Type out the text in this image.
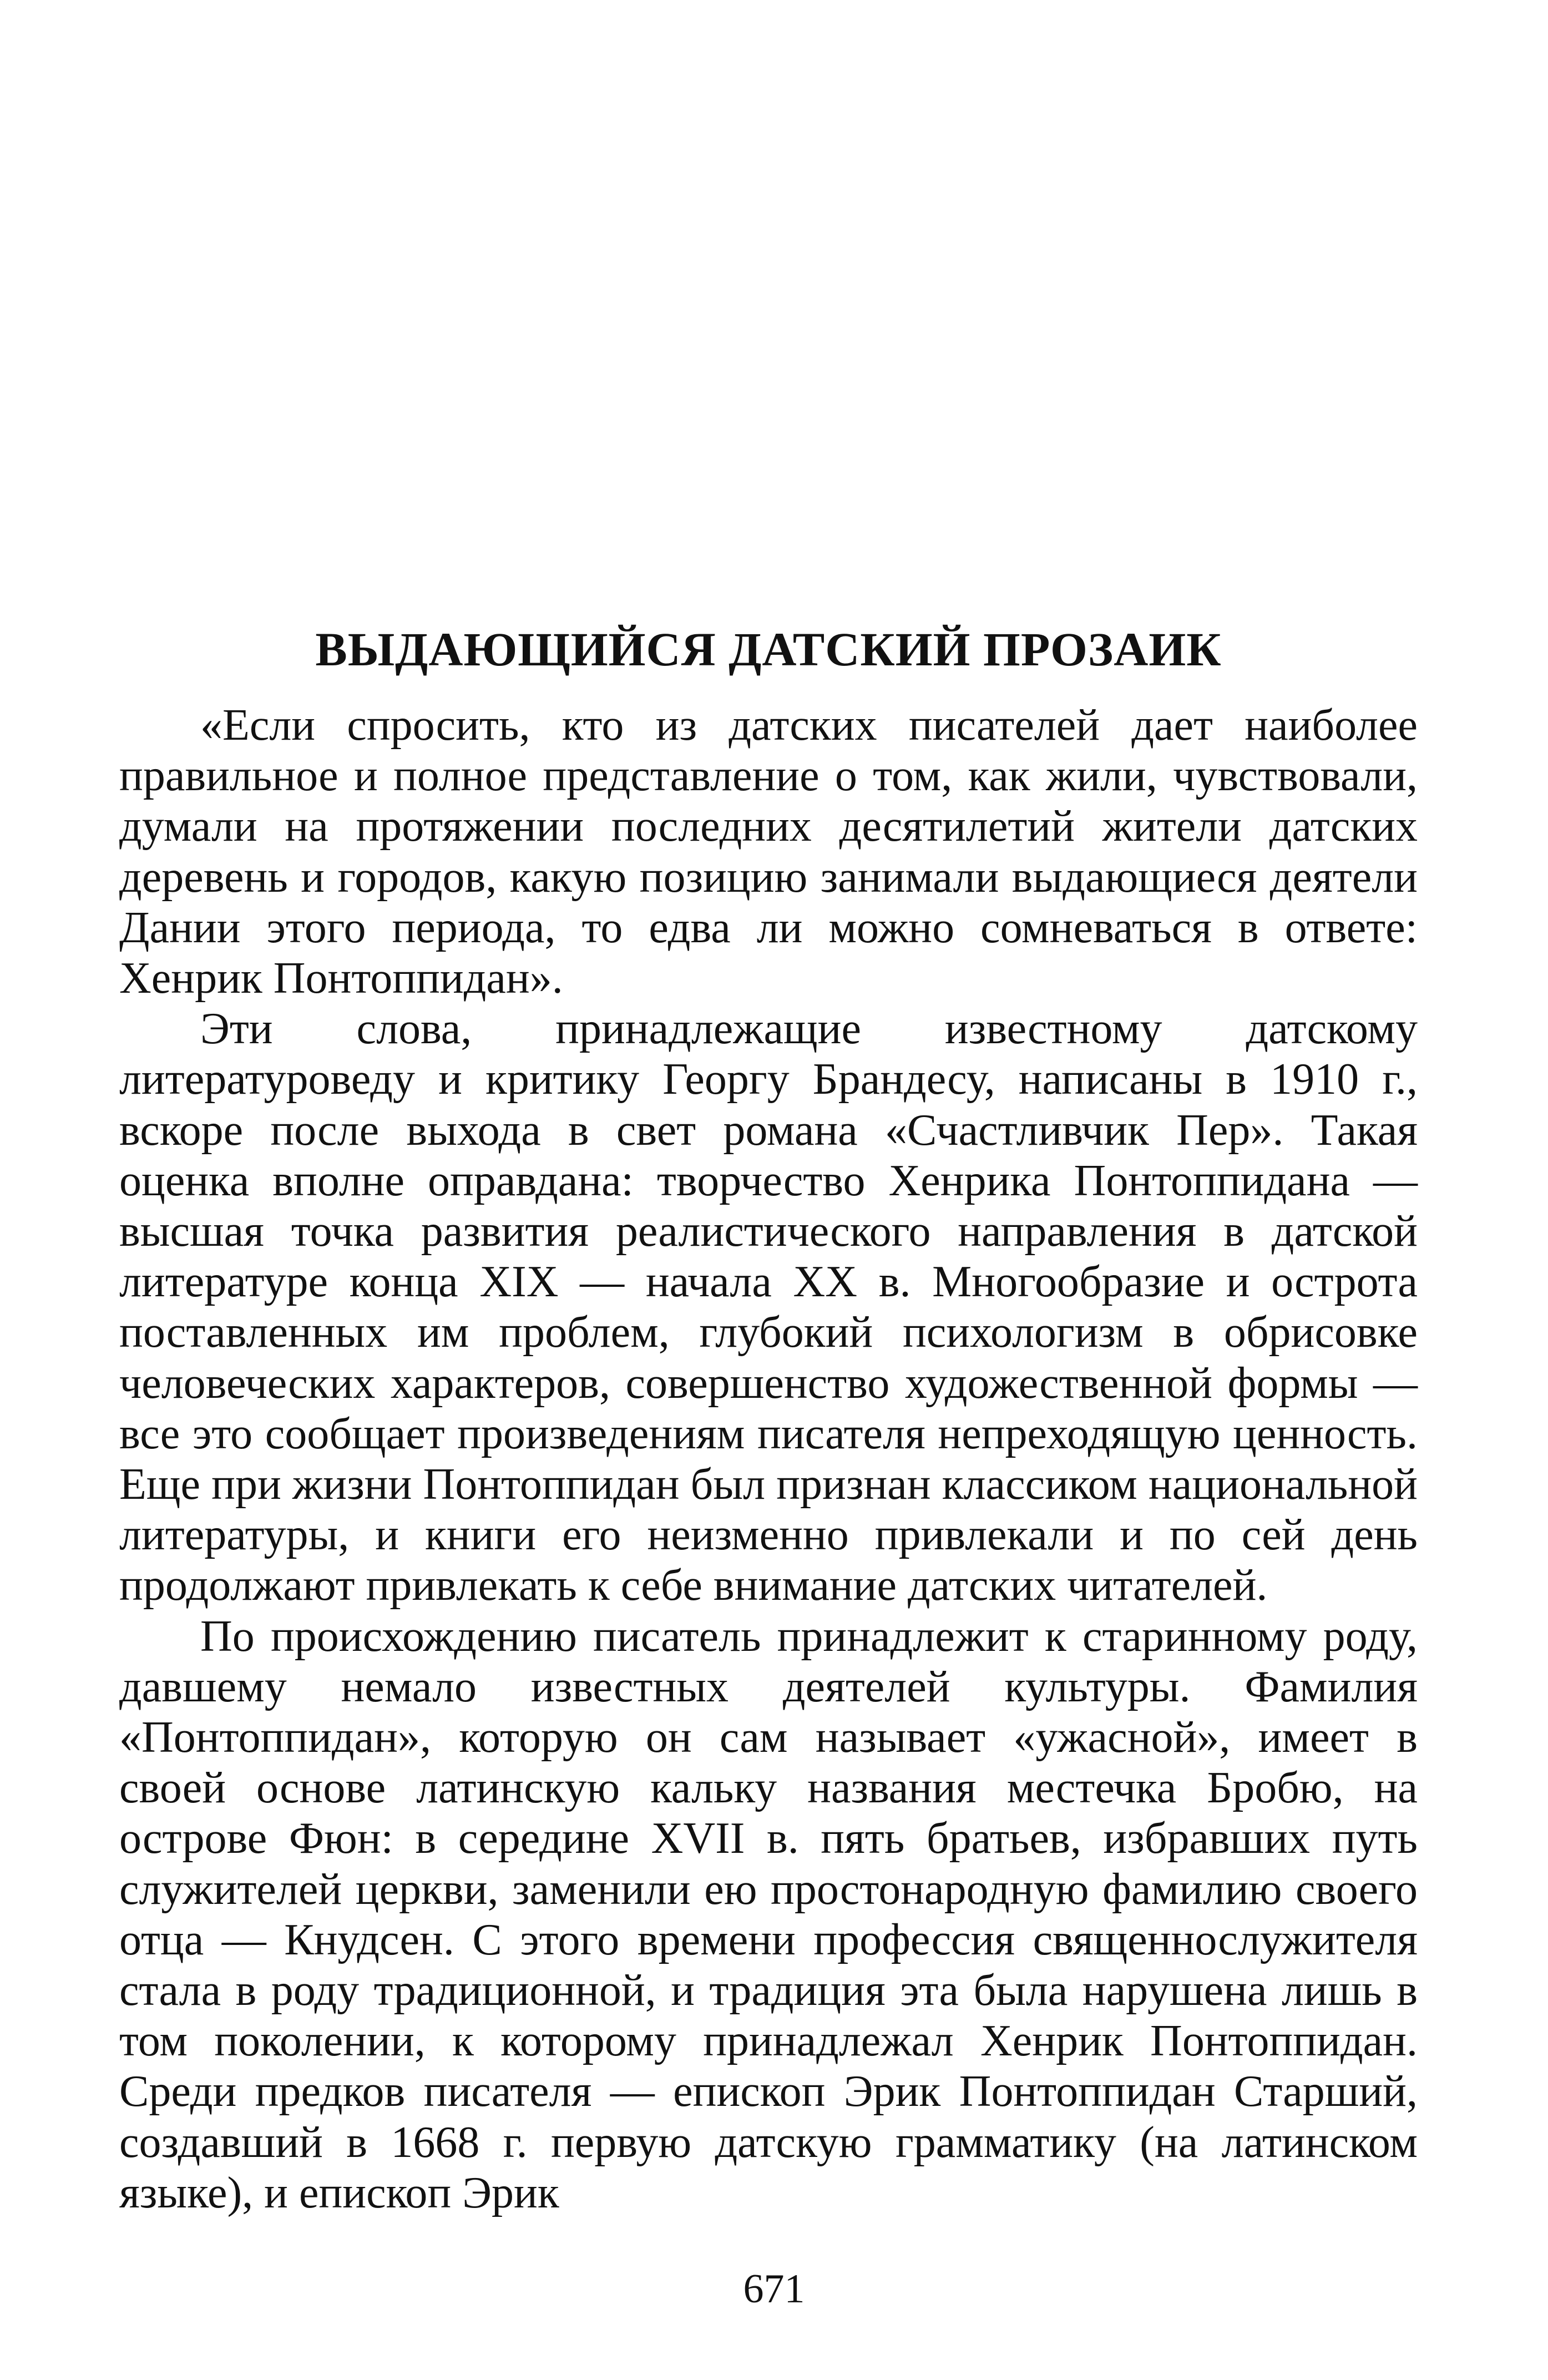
ВЫДАЮЩИЙСЯ ДАТСКИЙ ПРОЗАИК

«Если спросить, кто из датских писателей дает наиболее правильное и полное представление о том, как жили, чувствовали, думали на протяжении последних десятилетий жители датских деревень и городов, какую позицию занимали выдающиеся деятели Дании этого периода, то едва ли можно сомневаться в ответе: Хенрик Понтоппидан».

Эти слова, принадлежащие известному датскому литературоведу и критику Георгу Брандесу, написаны в 1910 г., вскоре после выхода в свет романа «Счастливчик Пер». Такая оценка вполне оправдана: творчество Хенрика Понтоппидана — высшая точка развития реалистического направления в датской литературе конца XIX — начала XX в. Многообразие и острота поставленных им проблем, глубокий психологизм в обрисовке человеческих характеров, совершенство художественной формы — все это сообщает произведениям писателя непреходящую ценность. Еще при жизни Понтоппидан был признан классиком национальной литературы, и книги его неизменно привлекали и по сей день продолжают привлекать к себе внимание датских читателей.

По происхождению писатель принадлежит к старинному роду, давшему немало известных деятелей культуры. Фамилия «Понтоппидан», которую он сам называет «ужасной», имеет в своей основе латинскую кальку названия местечка Бробю, на острове Фюн: в середине XVII в. пять братьев, избравших путь служителей церкви, заменили ею простонародную фамилию своего отца — Кнудсен. С этого времени профессия священнослужителя стала в роду традиционной, и традиция эта была нарушена лишь в том поколении, к которому принадлежал Хенрик Понтоппидан. Среди предков писателя — епископ Эрик Понтоппидан Старший, создавший в 1668 г. первую датскую грамматику (на латинском языке), и епископ Эрик

671
